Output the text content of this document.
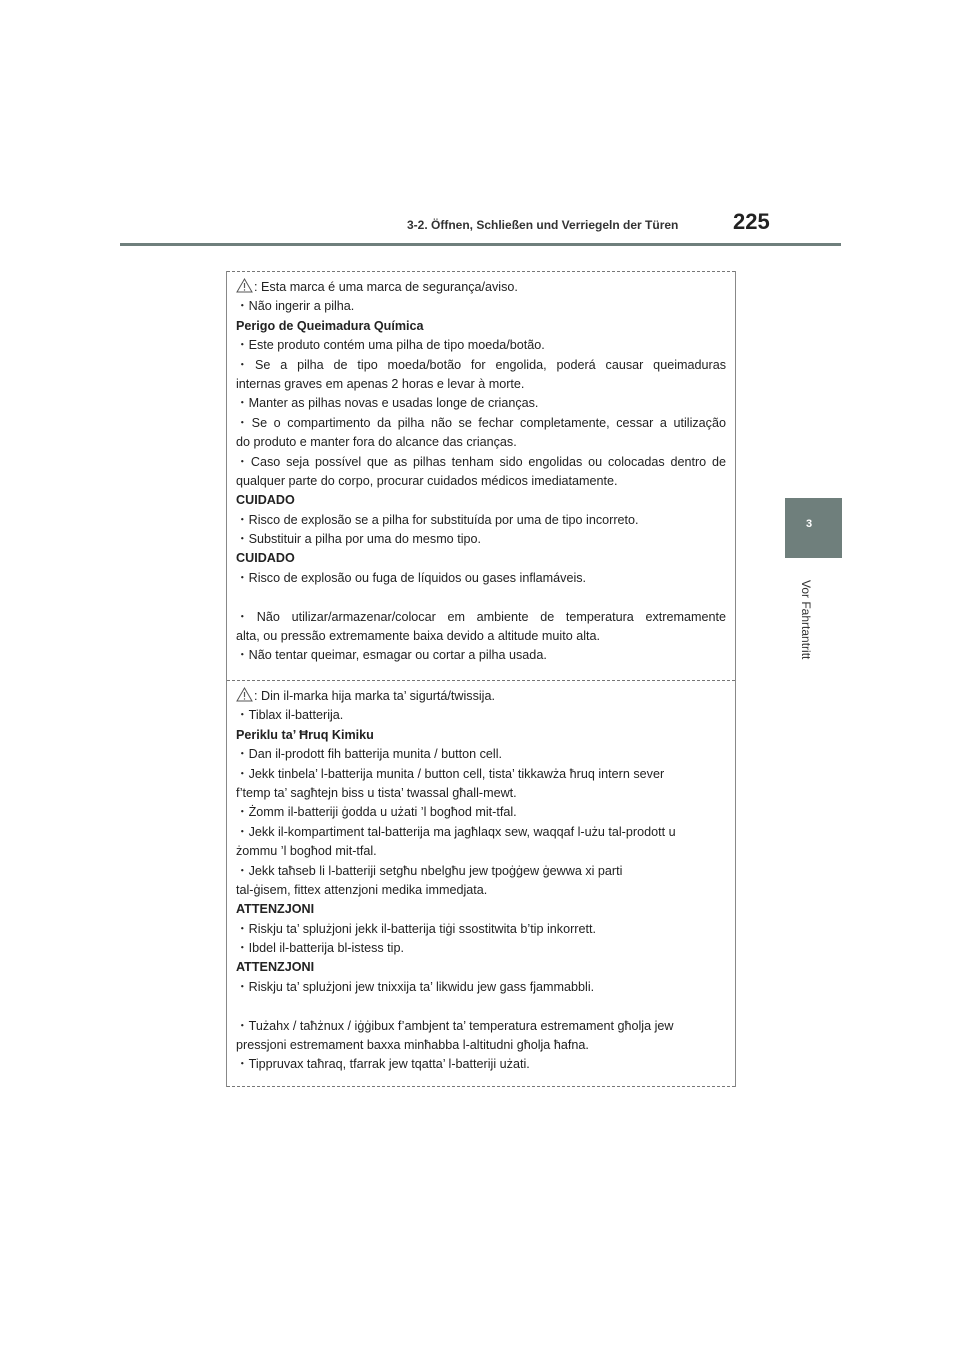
3-2. Öffnen, Schließen und Verriegeln der Türen 225
3
Vor Fahrtantritt
: Esta marca é uma marca de segurança/aviso.
・Não ingerir a pilha.
Perigo de Queimadura Química
・Este produto contém uma pilha de tipo moeda/botão.
・Se a pilha de tipo moeda/botão for engolida, poderá causar queimaduras
internas graves em apenas 2 horas e levar à morte.
・Manter as pilhas novas e usadas longe de crianças.
・Se o compartimento da pilha não se fechar completamente, cessar a utilização
do produto e manter fora do alcance das crianças.
・Caso seja possível que as pilhas tenham sido engolidas ou colocadas dentro de
qualquer parte do corpo, procurar cuidados médicos imediatamente.
CUIDADO
・Risco de explosão se a pilha for substituída por uma de tipo incorreto.
・Substituir a pilha por uma do mesmo tipo.
CUIDADO
・Risco de explosão ou fuga de líquidos ou gases inflamáveis.
・Não utilizar/armazenar/colocar em ambiente de temperatura extremamente
alta, ou pressão extremamente baixa devido a altitude muito alta.
・Não tentar queimar, esmagar ou cortar a pilha usada.
: Din il-marka hija marka ta’ sigurtá/twissija.
・Tiblax il-batterija.
Periklu ta’ Ħruq Kimiku
・Dan il-prodott fih batterija munita / button cell.
・Jekk tinbela’ l-batterija munita / button cell, tista’ tikkawża ħruq intern sever
f’temp ta’ sagħtejn biss u tista’ twassal għall-mewt.
・Żomm il-batteriji ġodda u użati ’l bogħod mit-tfal.
・Jekk il-kompartiment tal-batterija ma jagħlaqx sew, waqqaf l-użu tal-prodott u
żommu ’l bogħod mit-tfal.
・Jekk taħseb li l-batteriji setgħu nbelgħu jew tpoġġew ġewwa xi parti
tal-ġisem, fittex attenzjoni medika immedjata.
ATTENZJONI
・Riskju ta’ splużjoni jekk il-batterija tiġi ssostitwita b’tip inkorrett.
・Ibdel il-batterija bl-istess tip.
ATTENZJONI
・Riskju ta’ splużjoni jew tnixxija ta’ likwidu jew gass fjammabbli.
・Tużahx / taħżnux / iġġibux f’ambjent ta’ temperatura estremament għolja jew
pressjoni estremament baxxa minħabba l-altitudni għolja ħafna.
・Tippruvax taħraq, tfarrak jew tqatta’ l-batteriji użati.
